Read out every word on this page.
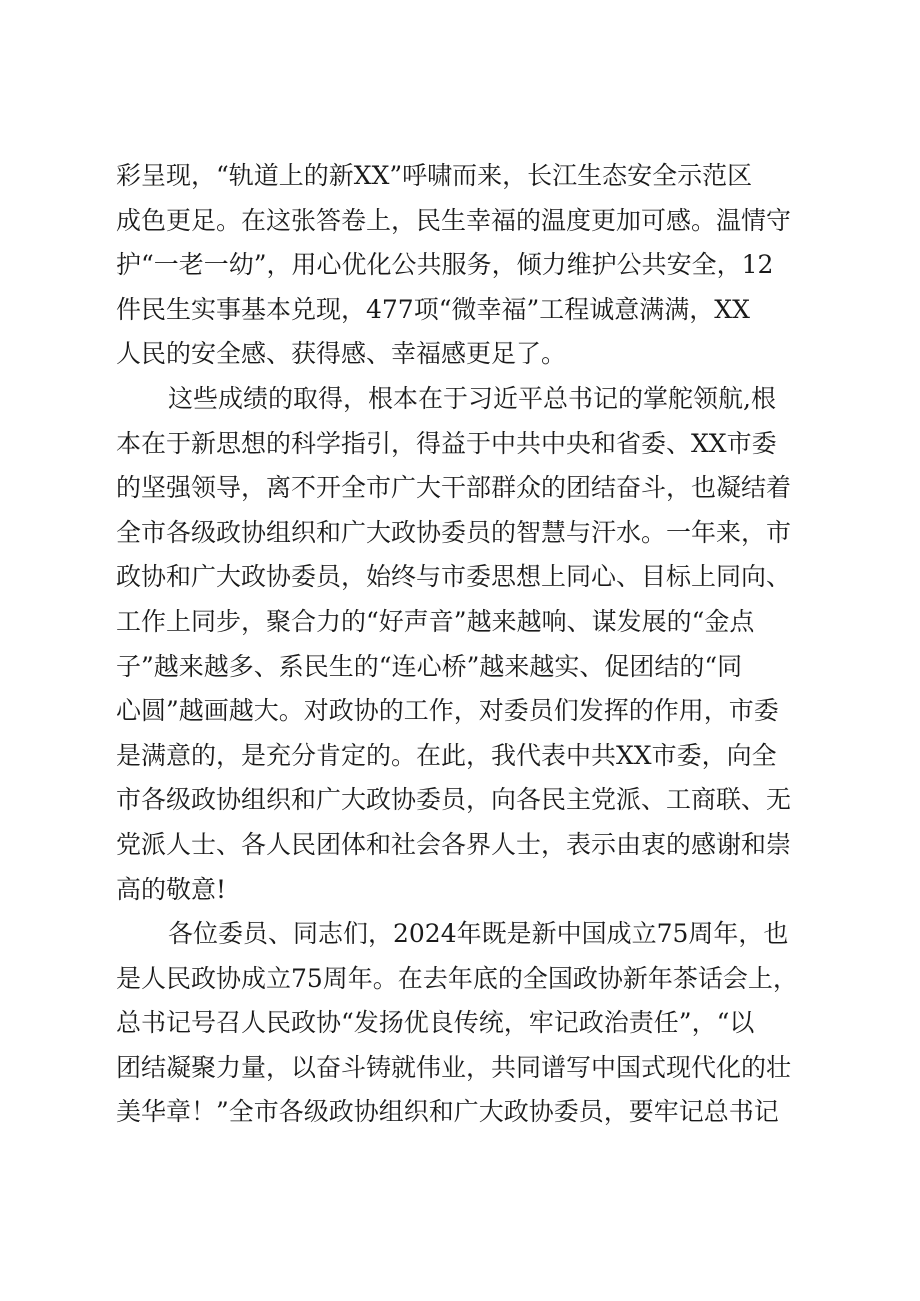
彩呈现，“轨道上的新XX”呼啸而来，长江生态安全示范区
成色更足。在这张答卷上，民生幸福的温度更加可感。温情守
护“一老一幼”，用心优化公共服务，倾力维护公共安全，12
件民生实事基本兑现，477项“微幸福”工程诚意满满，XX
人民的安全感、获得感、幸福感更足了。
这些成绩的取得，根本在于习近平总书记的掌舵领航,根
本在于新思想的科学指引，得益于中共中央和省委、XX市委
的坚强领导，离不开全市广大干部群众的团结奋斗，也凝结着
全市各级政协组织和广大政协委员的智慧与汗水。一年来，市
政协和广大政协委员，始终与市委思想上同心、目标上同向、
工作上同步，聚合力的“好声音”越来越响、谋发展的“金点
子”越来越多、系民生的“连心桥”越来越实、促团结的“同
心圆”越画越大。对政协的工作，对委员们发挥的作用，市委
是满意的，是充分肯定的。在此，我代表中共XX市委，向全
市各级政协组织和广大政协委员，向各民主党派、工商联、无
党派人士、各人民团体和社会各界人士，表示由衷的感谢和崇
高的敬意!
各位委员、同志们，2024年既是新中国成立75周年，也
是人民政协成立75周年。在去年底的全国政协新年茶话会上，
总书记号召人民政协“发扬优良传统，牢记政治责任”，“以
团结凝聚力量，以奋斗铸就伟业，共同谱写中国式现代化的壮
美华章！”全市各级政协组织和广大政协委员，要牢记总书记
